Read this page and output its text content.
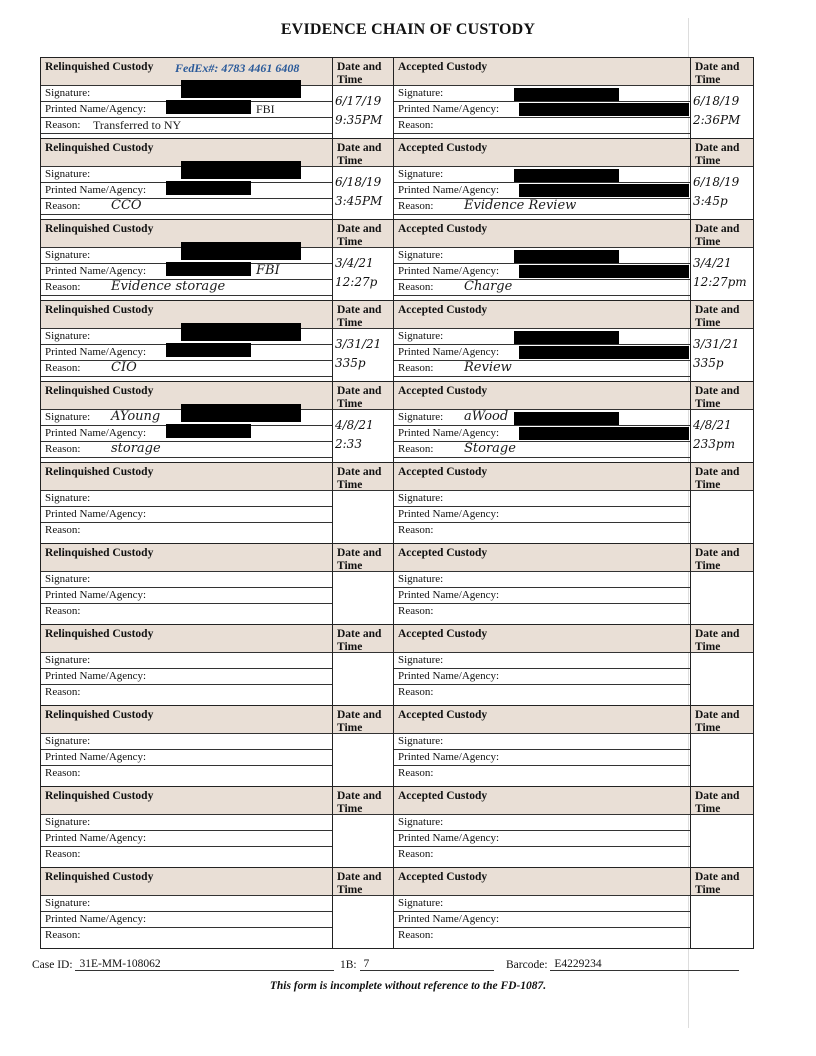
EVIDENCE CHAIN OF CUSTODY
Relinquished Custody FedEx#: 4783 4461 6408
Signature:
Printed Name/Agency:	FBI
Reason: Transferred to NY
Date and Time
6/17/19
9:35PM
Accepted Custody
Signature:
Printed Name/Agency:
Reason:
Date and Time
6/18/19
2:36PM
Relinquished Custody
Signature:
Printed Name/Agency:
Reason: CCO
Date and Time
6/18/19
3:45PM
Accepted Custody
Signature:
Printed Name/Agency:
Reason: Evidence Review
Date and Time
6/18/19
3:45p
Relinquished Custody
Signature:
Printed Name/Agency:	FBI
Reason: Evidence storage
Date and Time
3/4/21
12:27p
Accepted Custody
Signature:
Printed Name/Agency:
Reason: Charge
Date and Time
3/4/21
12:27pm
Relinquished Custody
Signature:
Printed Name/Agency:
Reason: CIO
Date and Time
3/31/21
335p
Accepted Custody
Signature:
Printed Name/Agency:
Reason: Review
Date and Time
3/31/21
335p
Relinquished Custody
Signature: AYoung
Printed Name/Agency:
Reason: storage
Date and Time
4/8/21
2:33
Accepted Custody
Signature: aWood
Printed Name/Agency:
Reason: Storage
Date and Time
4/8/21
233pm
Relinquished Custody
Signature:
Printed Name/Agency:
Reason:
Date and Time
Accepted Custody
Signature:
Printed Name/Agency:
Reason:
Date and Time
Relinquished Custody
Signature:
Printed Name/Agency:
Reason:
Date and Time
Accepted Custody
Signature:
Printed Name/Agency:
Reason:
Date and Time
Relinquished Custody
Signature:
Printed Name/Agency:
Reason:
Date and Time
Accepted Custody
Signature:
Printed Name/Agency:
Reason:
Date and Time
Relinquished Custody
Signature:
Printed Name/Agency:
Reason:
Date and Time
Accepted Custody
Signature:
Printed Name/Agency:
Reason:
Date and Time
Relinquished Custody
Signature:
Printed Name/Agency:
Reason:
Date and Time
Accepted Custody
Signature:
Printed Name/Agency:
Reason:
Date and Time
Relinquished Custody
Signature:
Printed Name/Agency:
Reason:
Date and Time
Accepted Custody
Signature:
Printed Name/Agency:
Reason:
Date and Time
Case ID: 31E-MM-108062	1B: 7	Barcode: E4229234
This form is incomplete without reference to the FD-1087.
